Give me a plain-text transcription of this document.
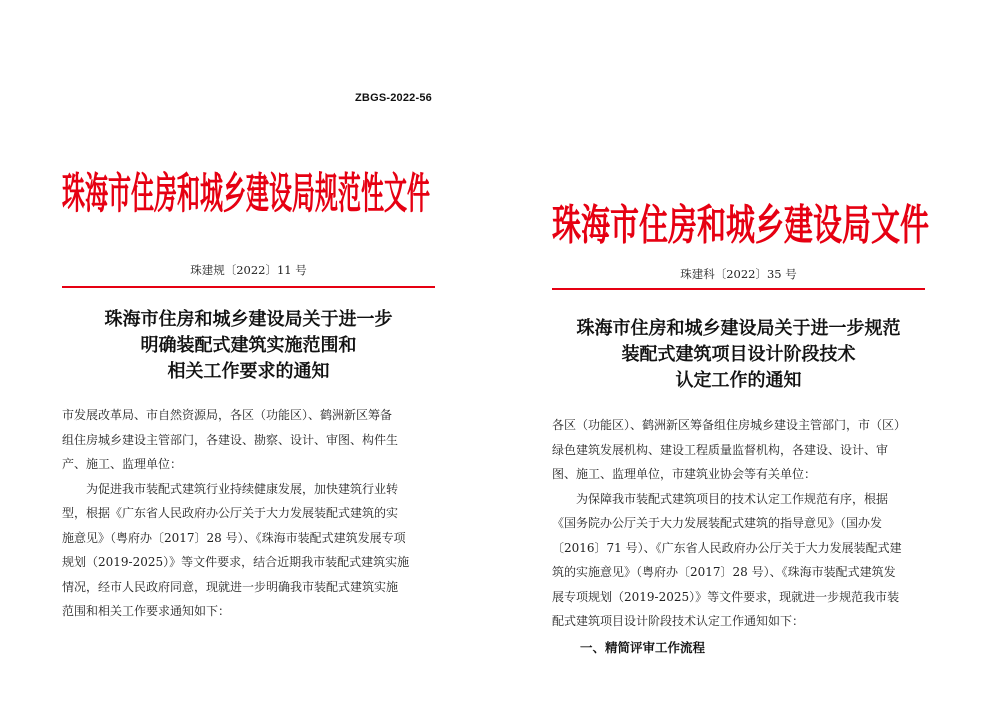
ZBGS-2022-56
珠海市住房和城乡建设局规范性文件
珠建规〔2022〕11 号
珠海市住房和城乡建设局关于进一步
明确装配式建筑实施范围和
相关工作要求的通知

市发展改革局、市自然资源局，各区（功能区）、鹤洲新区筹备

组住房城乡建设主管部门，各建设、勘察、设计、审图、构件生

产、施工、监理单位：

为促进我市装配式建筑行业持续健康发展，加快建筑行业转

型，根据《广东省人民政府办公厅关于大力发展装配式建筑的实

施意见》（粤府办〔2017〕28 号）、《珠海市装配式建筑发展专项

规划（2019-2025）》等文件要求，结合近期我市装配式建筑实施

情况，经市人民政府同意，现就进一步明确我市装配式建筑实施

范围和相关工作要求通知如下：

珠海市住房和城乡建设局文件
珠建科〔2022〕35 号
珠海市住房和城乡建设局关于进一步规范
装配式建筑项目设计阶段技术
认定工作的通知

各区（功能区）、鹤洲新区筹备组住房城乡建设主管部门，市（区）

绿色建筑发展机构、建设工程质量监督机构，各建设、设计、审

图、施工、监理单位，市建筑业协会等有关单位：

为保障我市装配式建筑项目的技术认定工作规范有序，根据

《国务院办公厅关于大力发展装配式建筑的指导意见》（国办发

〔2016〕71 号）、《广东省人民政府办公厅关于大力发展装配式建

筑的实施意见》（粤府办〔2017〕28 号）、《珠海市装配式建筑发

展专项规划（2019-2025）》等文件要求，现就进一步规范我市装

配式建筑项目设计阶段技术认定工作通知如下：

一、精简评审工作流程
